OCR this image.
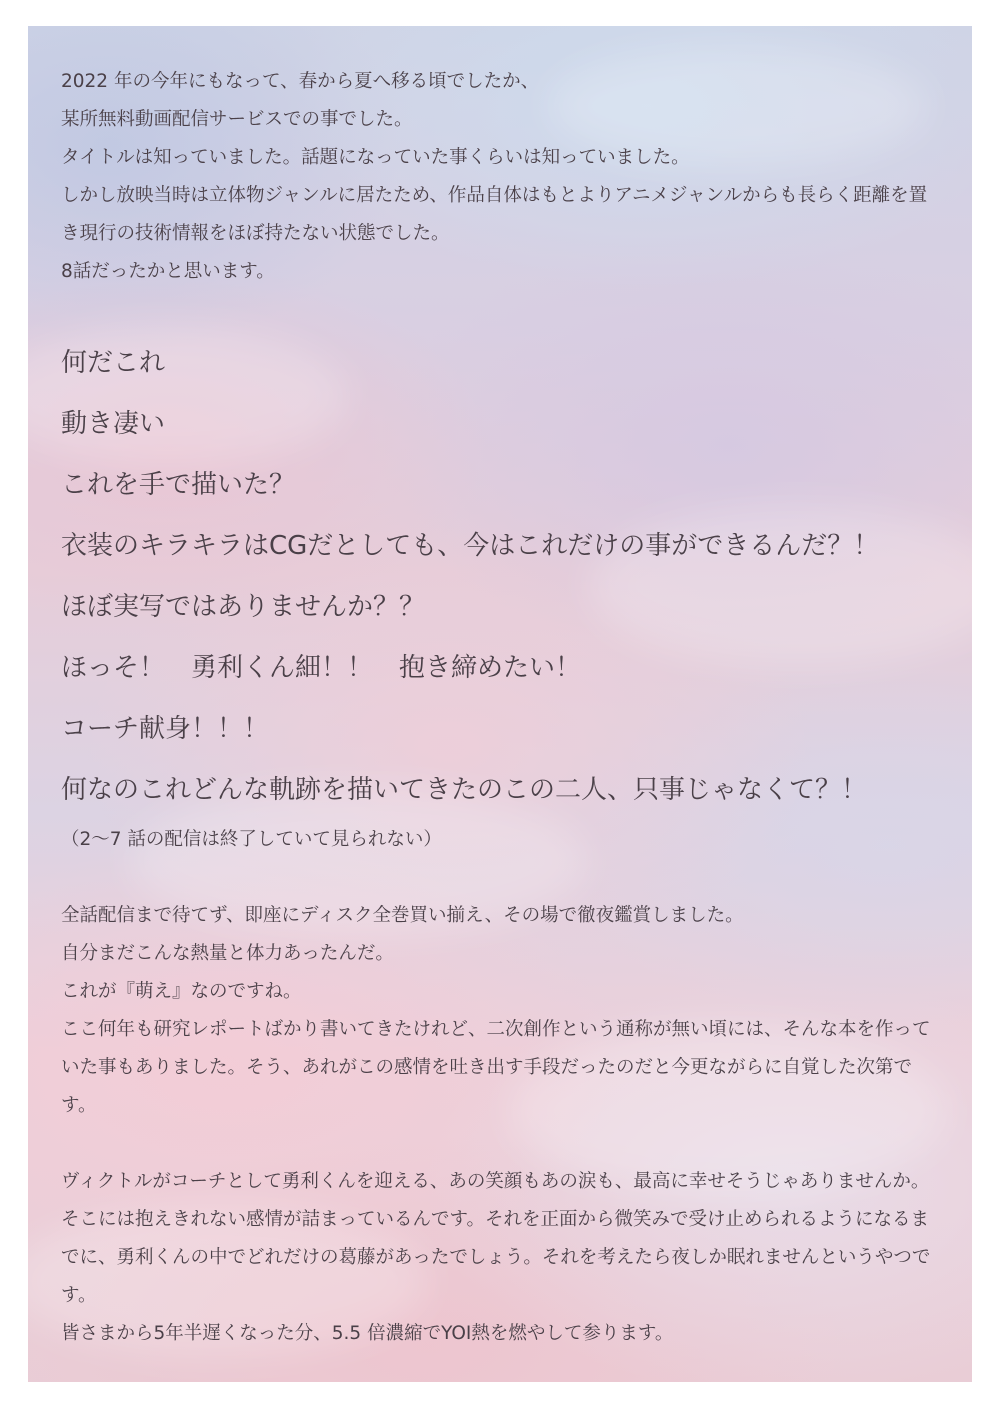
2022 年の今年にもなって、春から夏へ移る頃でしたか、

某所無料動画配信サービスでの事でした。

タイトルは知っていました。話題になっていた事くらいは知っていました。

しかし放映当時は立体物ジャンルに居たため、作品自体はもとよりアニメジャンルからも長らく距離を置き現行の技術情報をほぼ持たない状態でした。

8話だったかと思います。

何だこれ

動き凄い

これを手で描いた？

衣装のキラキラはCGだとしても、今はこれだけの事ができるんだ？！

ほぼ実写ではありませんか？？

ほっそ！　勇利くん細！！　抱き締めたい！

コーチ献身！！！

何なのこれどんな軌跡を描いてきたのこの二人、只事じゃなくて？！

（2～7 話の配信は終了していて見られない）

全話配信まで待てず、即座にディスク全巻買い揃え、その場で徹夜鑑賞しました。

自分まだこんな熱量と体力あったんだ。

これが『萌え』なのですね。

ここ何年も研究レポートばかり書いてきたけれど、二次創作という通称が無い頃には、そんな本を作っていた事もありました。そう、あれがこの感情を吐き出す手段だったのだと今更ながらに自覚した次第です。

ヴィクトルがコーチとして勇利くんを迎える、あの笑顔もあの涙も、最高に幸せそうじゃありませんか。そこには抱えきれない感情が詰まっているんです。それを正面から微笑みで受け止められるようになるまでに、勇利くんの中でどれだけの葛藤があったでしょう。それを考えたら夜しか眠れませんというやつです。

皆さまから5年半遅くなった分、5.5 倍濃縮でYOI熱を燃やして参ります。
